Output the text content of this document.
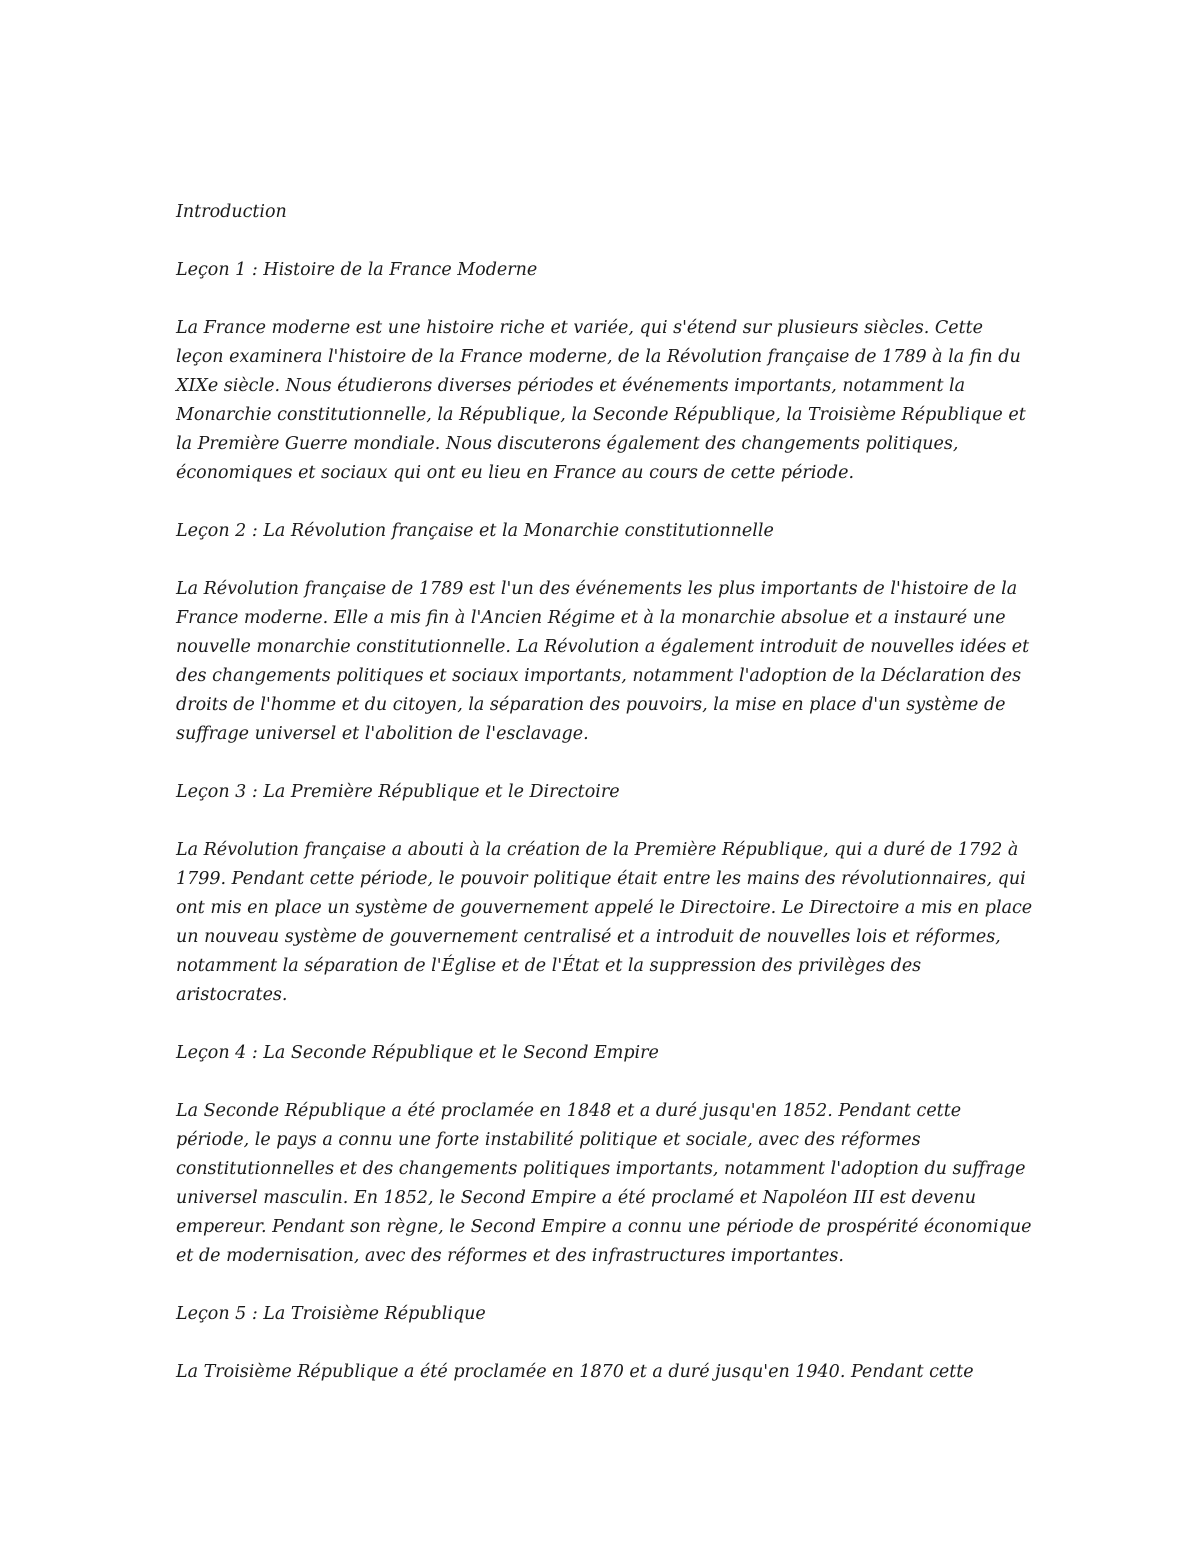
Introduction

Leçon 1 : Histoire de la France Moderne

La France moderne est une histoire riche et variée, qui s'étend sur plusieurs siècles. Cette leçon examinera l'histoire de la France moderne, de la Révolution française de 1789 à la fin du XIXe siècle. Nous étudierons diverses périodes et événements importants, notamment la Monarchie constitutionnelle, la République, la Seconde République, la Troisième République et la Première Guerre mondiale. Nous discuterons également des changements politiques, économiques et sociaux qui ont eu lieu en France au cours de cette période.

Leçon 2 : La Révolution française et la Monarchie constitutionnelle

La Révolution française de 1789 est l'un des événements les plus importants de l'histoire de la France moderne. Elle a mis fin à l'Ancien Régime et à la monarchie absolue et a instauré une nouvelle monarchie constitutionnelle. La Révolution a également introduit de nouvelles idées et des changements politiques et sociaux importants, notamment l'adoption de la Déclaration des droits de l'homme et du citoyen, la séparation des pouvoirs, la mise en place d'un système de suffrage universel et l'abolition de l'esclavage.

Leçon 3 : La Première République et le Directoire

La Révolution française a abouti à la création de la Première République, qui a duré de 1792 à 1799. Pendant cette période, le pouvoir politique était entre les mains des révolutionnaires, qui ont mis en place un système de gouvernement appelé le Directoire. Le Directoire a mis en place un nouveau système de gouvernement centralisé et a introduit de nouvelles lois et réformes, notamment la séparation de l'Église et de l'État et la suppression des privilèges des aristocrates.

Leçon 4 : La Seconde République et le Second Empire

La Seconde République a été proclamée en 1848 et a duré jusqu'en 1852. Pendant cette période, le pays a connu une forte instabilité politique et sociale, avec des réformes constitutionnelles et des changements politiques importants, notamment l'adoption du suffrage universel masculin. En 1852, le Second Empire a été proclamé et Napoléon III est devenu empereur. Pendant son règne, le Second Empire a connu une période de prospérité économique et de modernisation, avec des réformes et des infrastructures importantes.

Leçon 5 : La Troisième République

La Troisième République a été proclamée en 1870 et a duré jusqu'en 1940. Pendant cette
